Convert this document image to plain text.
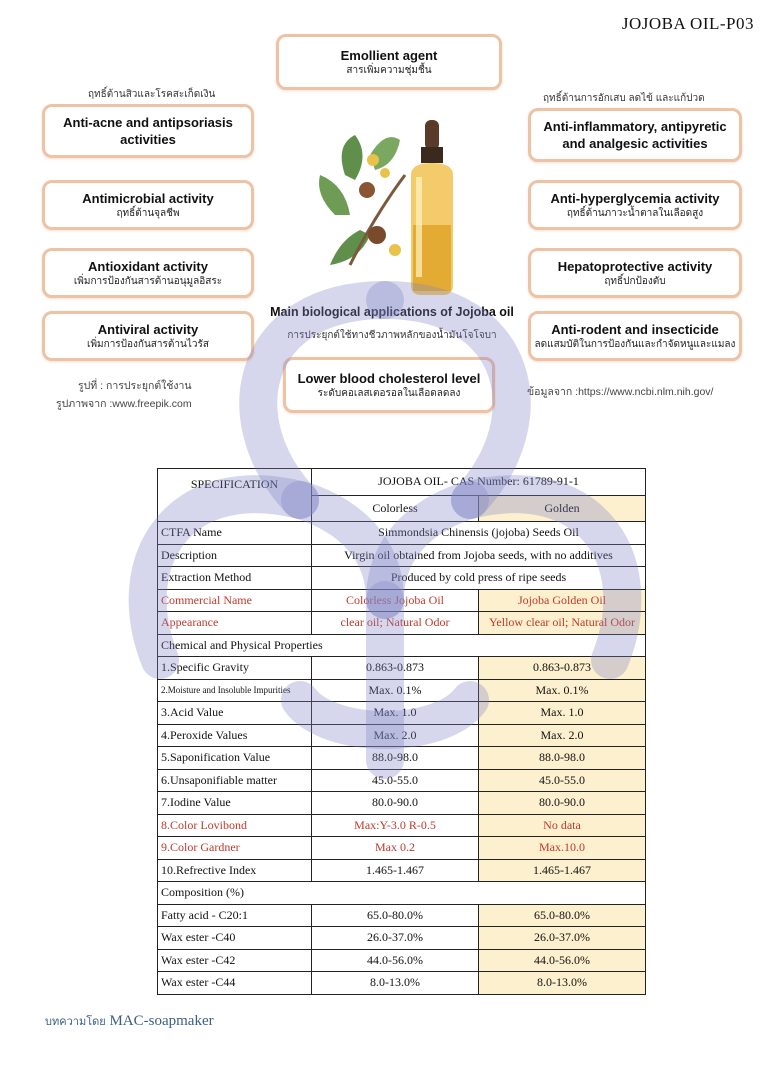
JOJOBA OIL-P03
Emollient agent
สารเพิ่มความชุ่มชื้น
ฤทธิ์ต้านสิวและโรคสะเก็ดเงิน	ฤทธิ์ต้านการอักเสบ ลดไข้ และแก้ปวด
Anti-acne and antipsoriasis activities
Antimicrobial activity
ฤทธิ์ต้านจุลชีพ
Antioxidant activity
เพิ่มการป้องกันสารต้านอนุมูลอิสระ
Antiviral activity
เพิ่มการป้องกันสารต้านไวรัส
Anti-inflammatory, antipyretic and analgesic activities
Anti-hyperglycemia activity
ฤทธิ์ต้านภาวะน้ำตาลในเลือดสูง
Hepatoprotective activity
ฤทธิ์ปกป้องตับ
Anti-rodent and insecticide
ลดแสมบัติในการป้องกันและกำจัดหนูและแมลง
Main biological applications of Jojoba oil
การประยุกต์ใช้ทางชีวภาพหลักของน้ำมันโจโจบา
Lower blood cholesterol level
ระดับคอเลสเตอรอลในเลือดลดลง
รูปที่ : การประยุกต์ใช้งาน
รูปภาพจาก :www.freepik.com
ข้อมูลจาก :https://www.ncbi.nlm.nih.gov/
SPECIFICATION	JOJOBA OIL- CAS Number: 61789-91-1	
	Colorless	Golden
CTFA Name	Simmondsia Chinensis (jojoba) Seeds Oil	
Description	Virgin oil obtained from Jojoba seeds, with no additives	
Extraction Method	Produced by cold press of ripe seeds	
Commercial Name	Colorless Jojoba Oil	Jojoba Golden Oil
Appearance	clear oil; Natural Odor	Yellow clear oil; Natural Odor
Chemical and Physical Properties		
1.Specific Gravity	0.863-0.873	0.863-0.873
2.Moisture and Insoluble Impurities	Max. 0.1%	Max. 0.1%
3.Acid Value	Max. 1.0	Max. 1.0
4.Peroxide Values	Max. 2.0	Max. 2.0
5.Saponification Value	88.0-98.0	88.0-98.0
6.Unsaponifiable matter	45.0-55.0	45.0-55.0
7.Iodine Value	80.0-90.0	80.0-90.0
8.Color Lovibond	Max:Y-3.0 R-0.5	No data
9.Color Gardner	Max 0.2	Max.10.0
10.Refrective Index	1.465-1.467	1.465-1.467
Composition (%)		
Fatty acid - C20:1	65.0-80.0%	65.0-80.0%
Wax ester -C40	26.0-37.0%	26.0-37.0%
Wax ester -C42	44.0-56.0%	44.0-56.0%
Wax ester -C44	8.0-13.0%	8.0-13.0%
บทความโดย MAC-soapmaker
